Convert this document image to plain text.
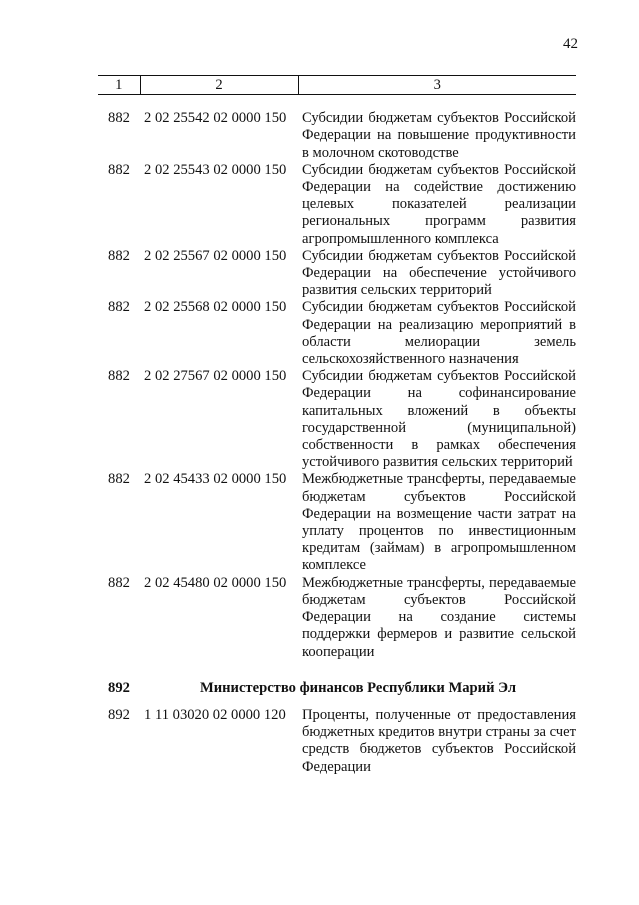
42
1	2	3
882	2 02 25542 02 0000 150	Субсидии бюджетам субъектов Российской Федерации на повышение продуктивности в молочном скотоводстве
882	2 02 25543 02 0000 150	Субсидии бюджетам субъектов Российской Федерации на содействие достижению целевых показателей реализации региональных программ развития агропромышленного комплекса
882	2 02 25567 02 0000 150	Субсидии бюджетам субъектов Российской Федерации на обеспечение устойчивого развития сельских территорий
882	2 02 25568 02 0000 150	Субсидии бюджетам субъектов Российской Федерации на реализацию мероприятий в области мелиорации земель сельскохозяйственного назначения
882	2 02 27567 02 0000 150	Субсидии бюджетам субъектов Российской Федерации на софинансирование капитальных вложений в объекты государственной (муниципальной) собственности в рамках обеспечения устойчивого развития сельских территорий
882	2 02 45433 02 0000 150	Межбюджетные трансферты, передаваемые бюджетам субъектов Российской Федерации на возмещение части затрат на уплату процентов по инвестиционным кредитам (займам) в агропромышленном комплексе
882	2 02 45480 02 0000 150	Межбюджетные трансферты, передаваемые бюджетам субъектов Российской Федерации на создание системы поддержки фермеров и развитие сельской кооперации
892	Министерство финансов Республики Марий Эл	
892	1 11 03020 02 0000 120	Проценты, полученные от предоставления бюджетных кредитов внутри страны за счет средств бюджетов субъектов Российской Федерации
